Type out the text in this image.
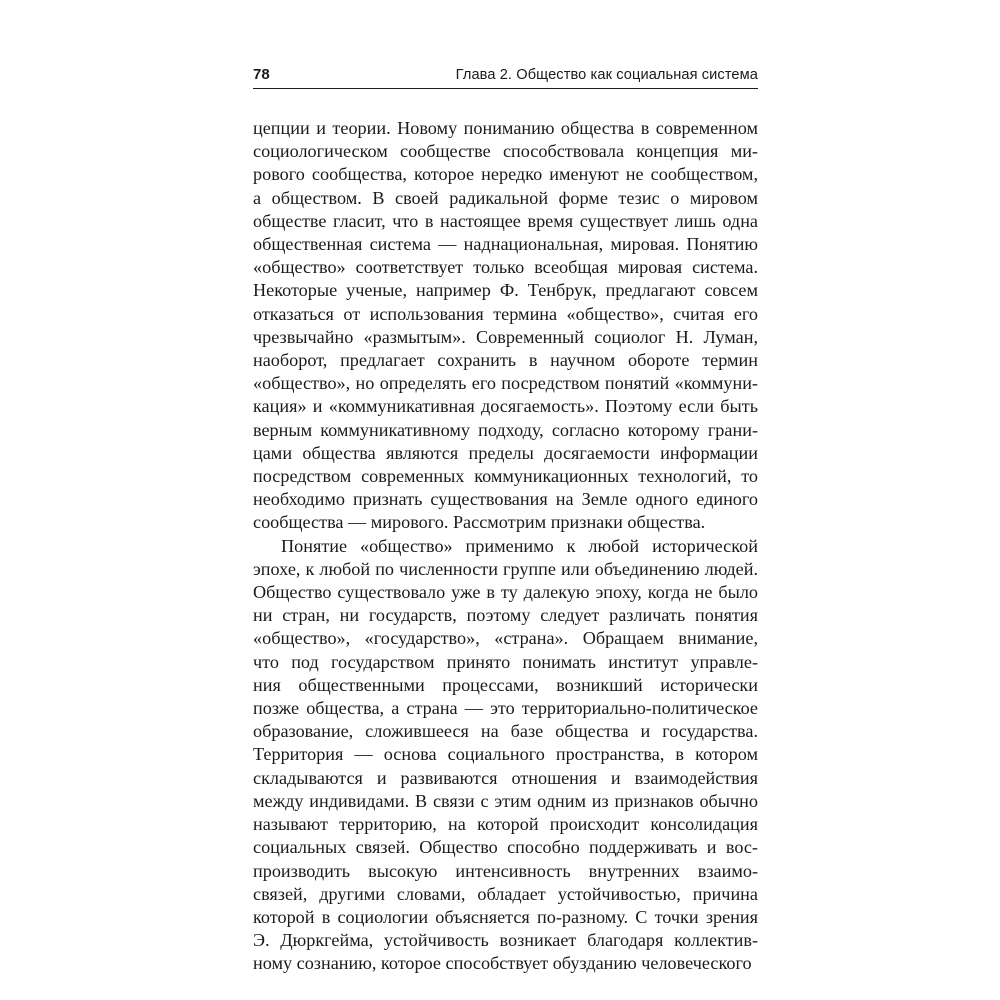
78	Глава 2. Общество как социальная система
цепции и теории. Новому пониманию общества в современном
социологическом сообществе способствовала концепция ми-
рового сообщества, которое нередко именуют не сообществом,
а обществом. В своей радикальной форме тезис о мировом
обществе гласит, что в настоящее время существует лишь одна
общественная система — наднациональная, мировая. Понятию
«общество» соответствует только всеобщая мировая система.
Некоторые ученые, например Ф. Тенбрук, предлагают совсем
отказаться от использования термина «общество», считая его
чрезвычайно «размытым». Современный социолог Н. Луман,
наоборот, предлагает сохранить в научном обороте термин
«общество», но определять его посредством понятий «коммуни-
кация» и «коммуникативная досягаемость». Поэтому если быть
верным коммуникативному подходу, согласно которому грани-
цами общества являются пределы досягаемости информации
посредством современных коммуникационных технологий, то
необходимо признать существования на Земле одного единого
сообщества — мирового. Рассмотрим признаки общества.
Понятие «общество» применимо к любой исторической
эпохе, к любой по численности группе или объединению людей.
Общество существовало уже в ту далекую эпоху, когда не было
ни стран, ни государств, поэтому следует различать понятия
«общество», «государство», «страна». Обращаем внимание,
что под государством принято понимать институт управле-
ния общественными процессами, возникший исторически
позже общества, а страна — это территориально-политическое
образование, сложившееся на базе общества и государства.
Территория — основа социального пространства, в котором
складываются и развиваются отношения и взаимодействия
между индивидами. В связи с этим одним из признаков обычно
называют территорию, на которой происходит консолидация
социальных связей. Общество способно поддерживать и вос-
производить высокую интенсивность внутренних взаимо-
связей, другими словами, обладает устойчивостью, причина
которой в социологии объясняется по-разному. С точки зрения
Э. Дюркгейма, устойчивость возникает благодаря коллектив-
ному сознанию, которое способствует обузданию человеческого
